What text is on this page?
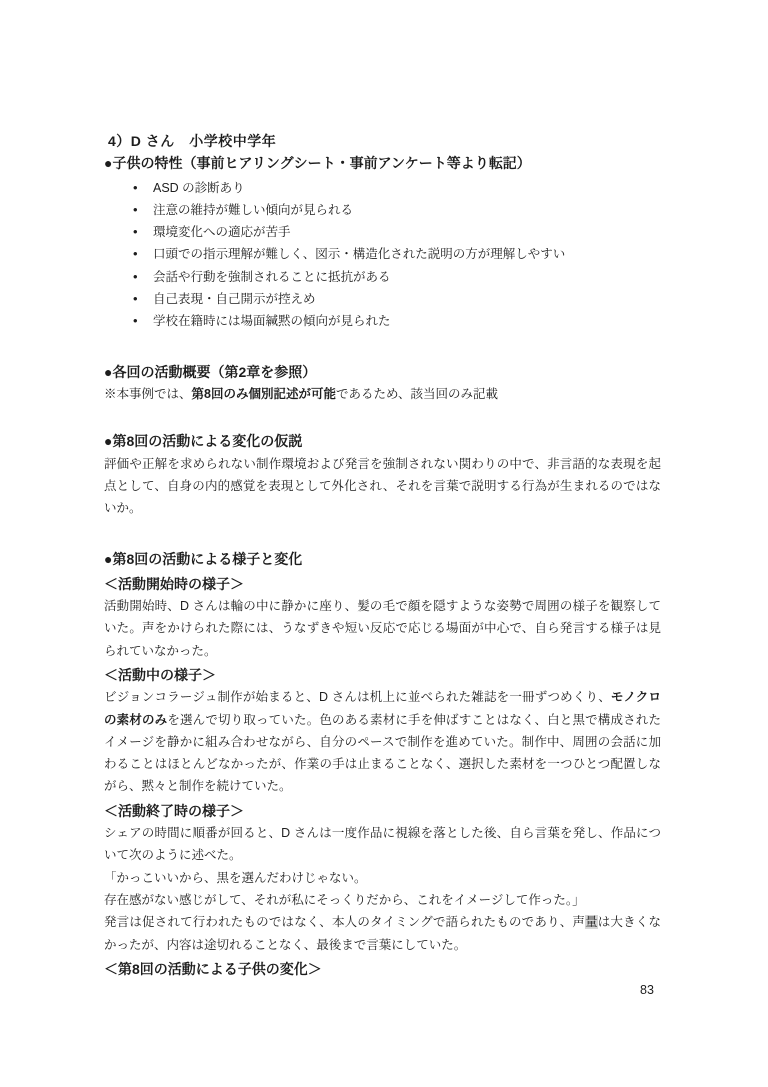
4）D さん　小学校中学年
●子供の特性（事前ヒアリングシート・事前アンケート等より転記）
• ASD の診断あり
• 注意の維持が難しい傾向が見られる
• 環境変化への適応が苦手
• 口頭での指示理解が難しく、図示・構造化された説明の方が理解しやすい
• 会話や行動を強制されることに抵抗がある
• 自己表現・自己開示が控えめ
• 学校在籍時には場面緘黙の傾向が見られた
●各回の活動概要（第2章を参照）
※本事例では、第8回のみ個別記述が可能であるため、該当回のみ記載
●第8回の活動による変化の仮説
評価や正解を求められない制作環境および発言を強制されない関わりの中で、非言語的な表現を起点として、自身の内的感覚を表現として外化され、それを言葉で説明する行為が生まれるのではないか。
●第8回の活動による様子と変化
＜活動開始時の様子＞
活動開始時、D さんは輪の中に静かに座り、髪の毛で顔を隠すような姿勢で周囲の様子を観察していた。声をかけられた際には、うなずきや短い反応で応じる場面が中心で、自ら発言する様子は見られていなかった。
＜活動中の様子＞
ビジョンコラージュ制作が始まると、D さんは机上に並べられた雑誌を一冊ずつめくり、モノクロの素材のみを選んで切り取っていた。色のある素材に手を伸ばすことはなく、白と黒で構成されたイメージを静かに組み合わせながら、自分のペースで制作を進めていた。制作中、周囲の会話に加わることはほとんどなかったが、作業の手は止まることなく、選択した素材を一つひとつ配置しながら、黙々と制作を続けていた。
＜活動終了時の様子＞
シェアの時間に順番が回ると、D さんは一度作品に視線を落とした後、自ら言葉を発し、作品について次のように述べた。
「かっこいいから、黒を選んだわけじゃない。
存在感がない感じがして、それが私にそっくりだから、これをイメージして作った。」
発言は促されて行われたものではなく、本人のタイミングで語られたものであり、声量は大きくなかったが、内容は途切れることなく、最後まで言葉にしていた。
＜第8回の活動による子供の変化＞
83
